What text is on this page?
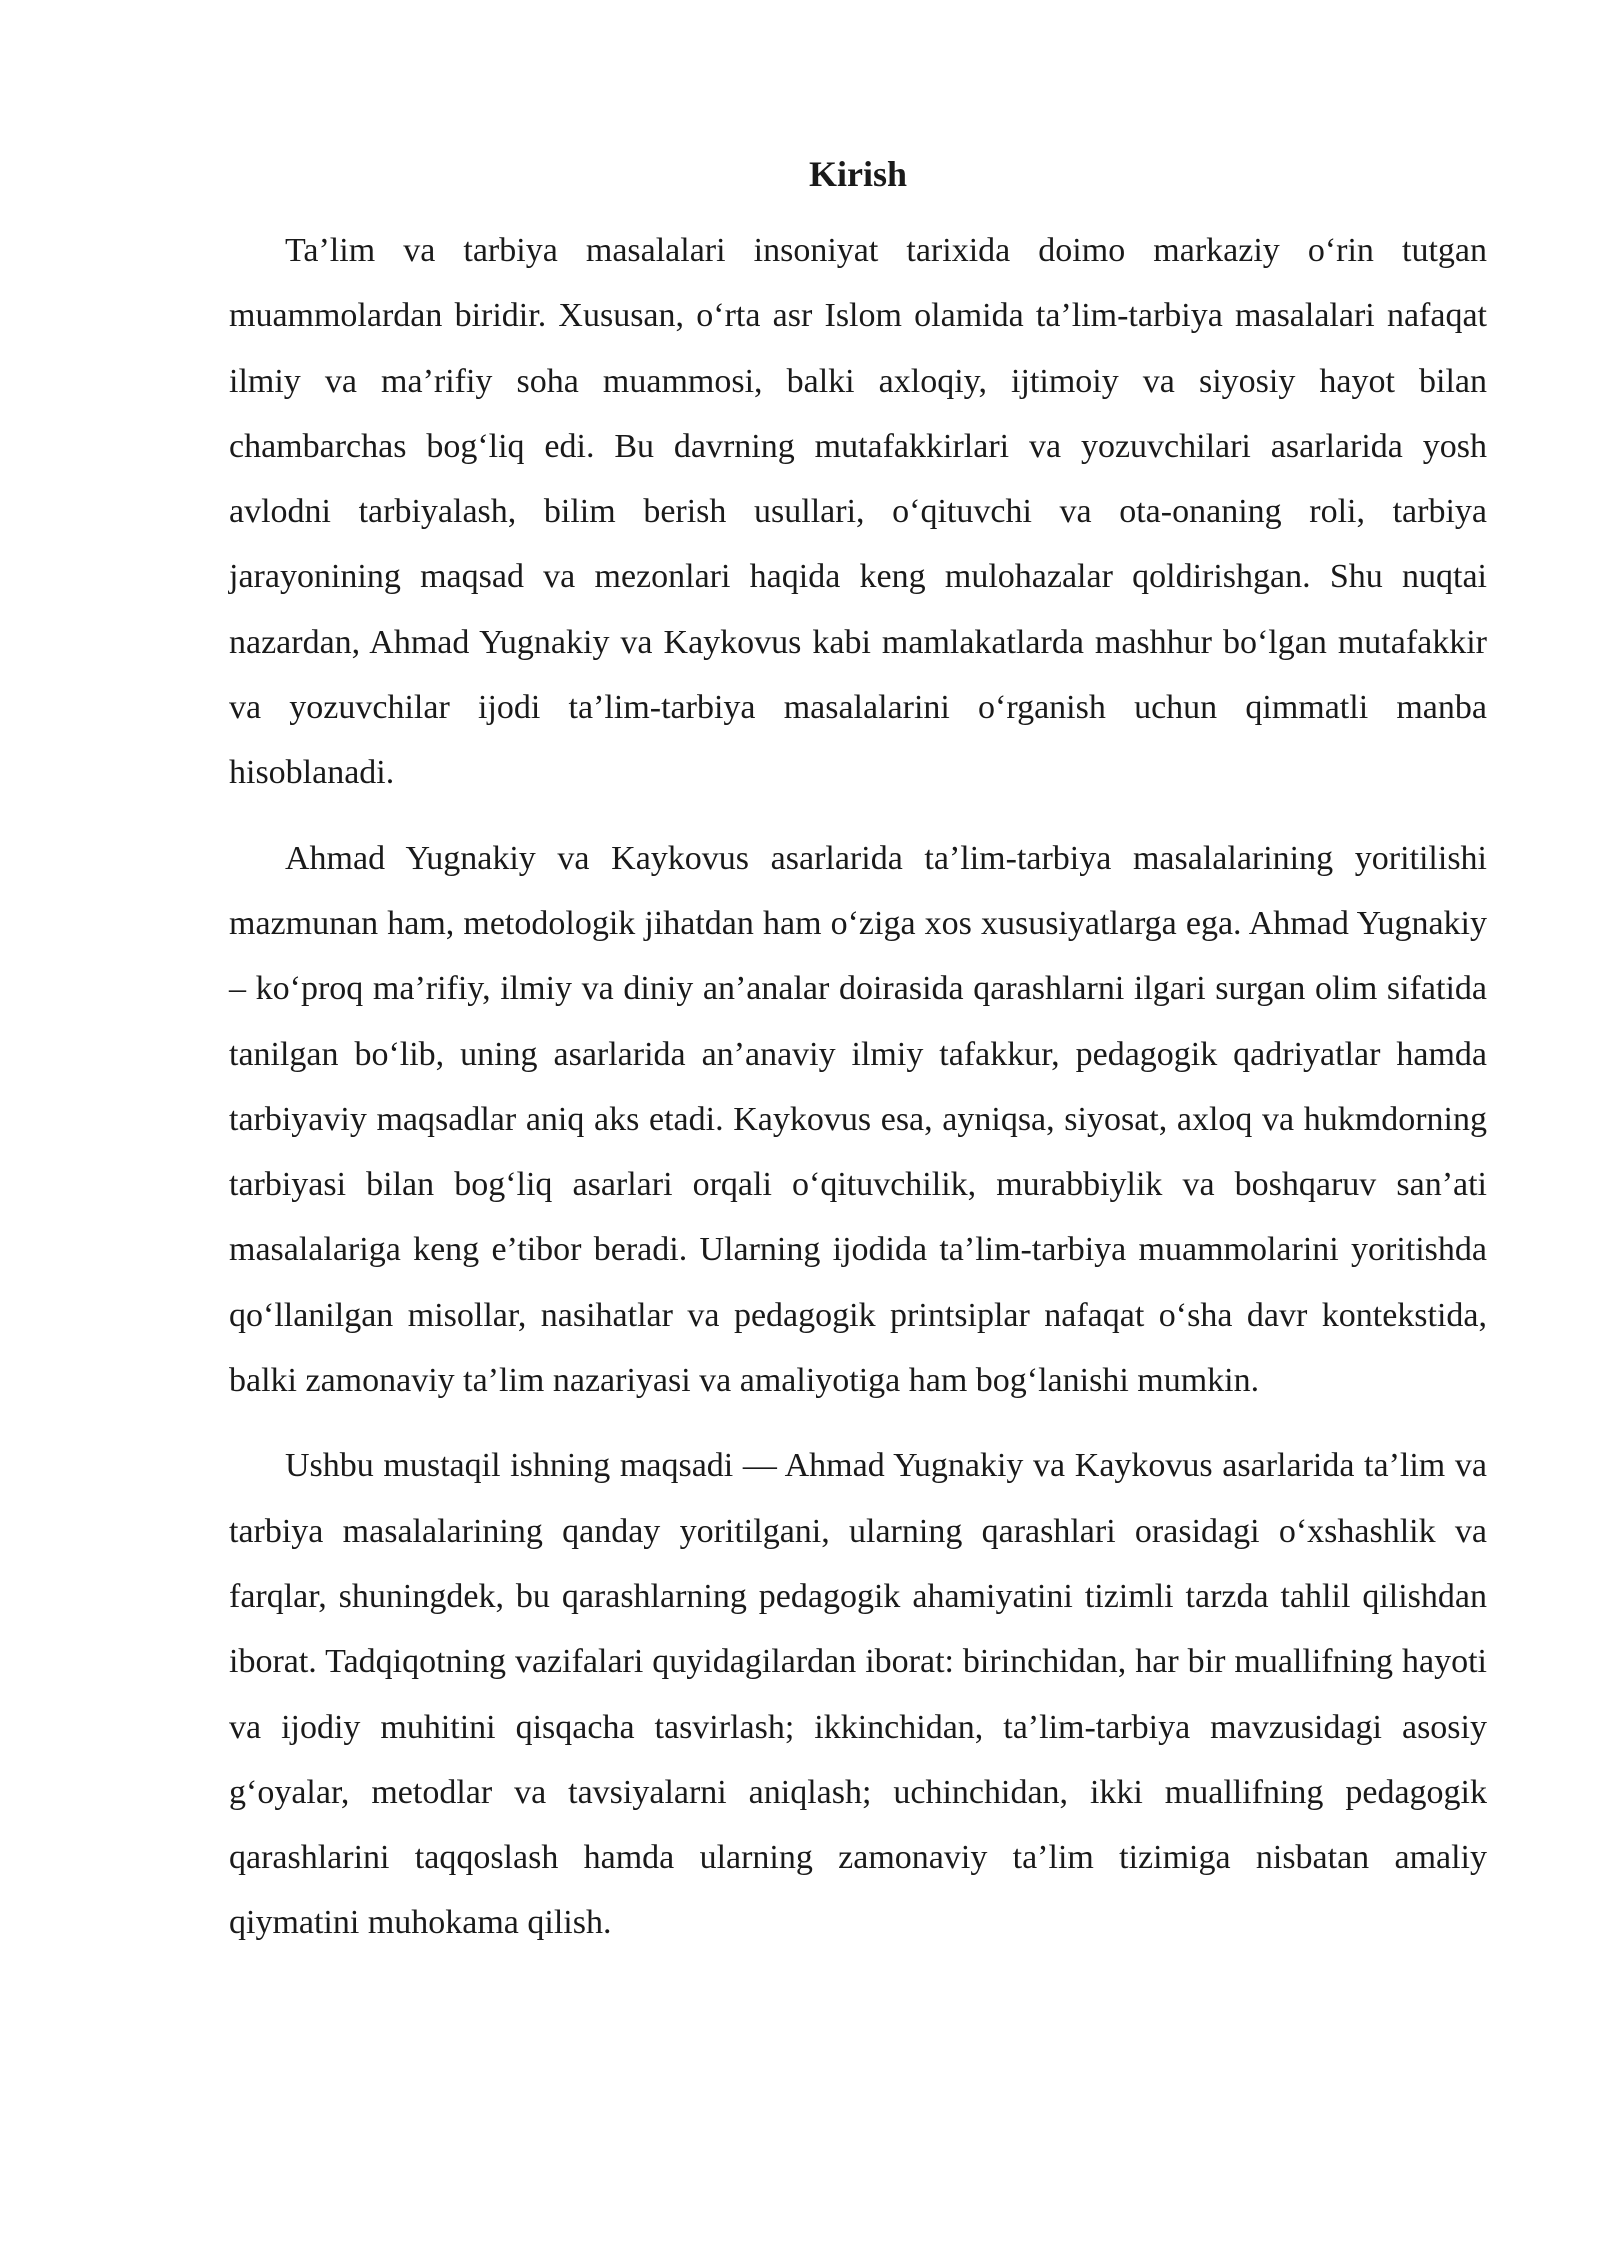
Kirish

Ta’lim va tarbiya masalalari insoniyat tarixida doimo markaziy o‘rin tutgan muammolardan biridir. Xususan, o‘rta asr Islom olamida ta’lim-tarbiya masalalari nafaqat ilmiy va ma’rifiy soha muammosi, balki axloqiy, ijtimoiy va siyosiy hayot bilan chambarchas bog‘liq edi. Bu davrning mutafakkirlari va yozuvchilari asarlarida yosh avlodni tarbiyalash, bilim berish usullari, o‘qituvchi va ota-onaning roli, tarbiya jarayonining maqsad va mezonlari haqida keng mulohazalar qoldirishgan. Shu nuqtai nazardan, Ahmad Yugnakiy va Kaykovus kabi mamlakatlarda mashhur bo‘lgan mutafakkir va yozuvchilar ijodi ta’lim-tarbiya masalalarini o‘rganish uchun qimmatli manba hisoblanadi.

Ahmad Yugnakiy va Kaykovus asarlarida ta’lim-tarbiya masalalarining yoritilishi mazmunan ham, metodologik jihatdan ham o‘ziga xos xususiyatlarga ega. Ahmad Yugnakiy – ko‘proq ma’rifiy, ilmiy va diniy an’analar doirasida qarashlarni ilgari surgan olim sifatida tanilgan bo‘lib, uning asarlarida an’anaviy ilmiy tafakkur, pedagogik qadriyatlar hamda tarbiyaviy maqsadlar aniq aks etadi. Kaykovus esa, ayniqsa, siyosat, axloq va hukmdorning tarbiyasi bilan bog‘liq asarlari orqali o‘qituvchilik, murabbiylik va boshqaruv san’ati masalalariga keng e’tibor beradi. Ularning ijodida ta’lim-tarbiya muammolarini yoritishda qo‘llanilgan misollar, nasihatlar va pedagogik printsiplar nafaqat o‘sha davr kontekstida, balki zamonaviy ta’lim nazariyasi va amaliyotiga ham bog‘lanishi mumkin.

Ushbu mustaqil ishning maqsadi — Ahmad Yugnakiy va Kaykovus asarlarida ta’lim va tarbiya masalalarining qanday yoritilgani, ularning qarashlari orasidagi o‘xshashlik va farqlar, shuningdek, bu qarashlarning pedagogik ahamiyatini tizimli tarzda tahlil qilishdan iborat. Tadqiqotning vazifalari quyidagilardan iborat: birinchidan, har bir muallifning hayoti va ijodiy muhitini qisqacha tasvirlash; ikkinchidan, ta’lim-tarbiya mavzusidagi asosiy g‘oyalar, metodlar va tavsiyalarni aniqlash; uchinchidan, ikki muallifning pedagogik qarashlarini taqqoslash hamda ularning zamonaviy ta’lim tizimiga nisbatan amaliy qiymatini muhokama qilish.
